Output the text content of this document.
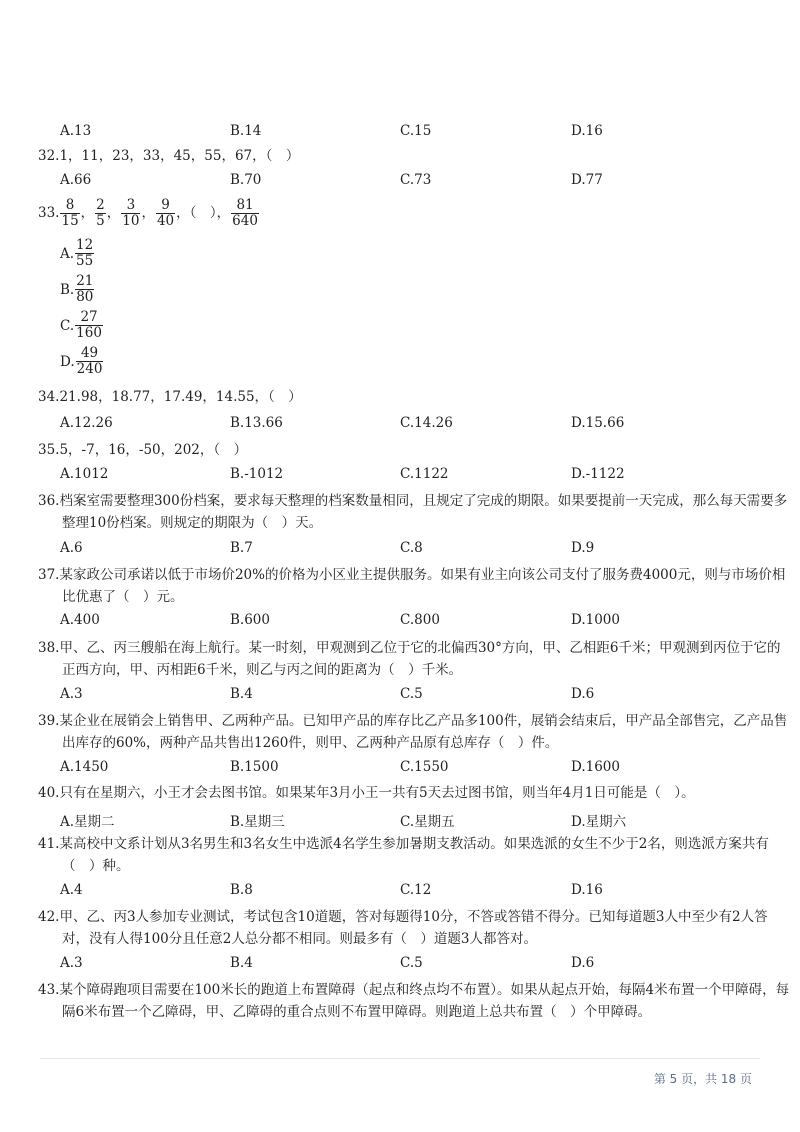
A.13	B.14	C.15	D.16
32.1，11，23，33，45，55，67，（　）
A.66	B.70	C.73	D.77
33. $\frac{8}{15}$ ， $\frac{2}{5}$ ， $\frac{3}{10}$ ， $\frac{9}{40}$ ，（　）， $\frac{81}{640}$
A. $\frac{12}{55}$
B. $\frac{21}{80}$
C. $\frac{27}{160}$
D. $\frac{49}{240}$
34.21.98，18.77，17.49，14.55，（　）
A.12.26	B.13.66	C.14.26	D.15.66
35.5，-7，16，-50，202，（　）
A.1012	B.-1012	C.1122	D.-1122
36.档案室需要整理300份档案，要求每天整理的档案数量相同，且规定了完成的期限。如果要提前一天完成，那么每天需要多整理10份档案。则规定的期限为（　）天。
A.6	B.7	C.8	D.9
37.某家政公司承诺以低于市场价20%的价格为小区业主提供服务。如果有业主向该公司支付了服务费4000元，则与市场价相比优惠了（　）元。
A.400	B.600	C.800	D.1000
38.甲、乙、丙三艘船在海上航行。某一时刻，甲观测到乙位于它的北偏西30°方向，甲、乙相距6千米；甲观测到丙位于它的正西方向，甲、丙相距6千米，则乙与丙之间的距离为（　）千米。
A.3	B.4	C.5	D.6
39.某企业在展销会上销售甲、乙两种产品。已知甲产品的库存比乙产品多100件，展销会结束后，甲产品全部售完，乙产品售出库存的60%，两种产品共售出1260件，则甲、乙两种产品原有总库存（　）件。
A.1450	B.1500	C.1550	D.1600
40.只有在星期六，小王才会去图书馆。如果某年3月小王一共有5天去过图书馆，则当年4月1日可能是（　）。
A.星期二	B.星期三	C.星期五	D.星期六
41.某高校中文系计划从3名男生和3名女生中选派4名学生参加暑期支教活动。如果选派的女生不少于2名，则选派方案共有（　）种。
A.4	B.8	C.12	D.16
42.甲、乙、丙3人参加专业测试，考试包含10道题，答对每题得10分，不答或答错不得分。已知每道题3人中至少有2人答对，没有人得100分且任意2人总分都不相同。则最多有（　）道题3人都答对。
A.3	B.4	C.5	D.6
43.某个障碍跑项目需要在100米长的跑道上布置障碍（起点和终点均不布置）。如果从起点开始，每隔4米布置一个甲障碍，每隔6米布置一个乙障碍，甲、乙障碍的重合点则不布置甲障碍。则跑道上总共布置（　）个甲障碍。
第 5 页，共 18 页
